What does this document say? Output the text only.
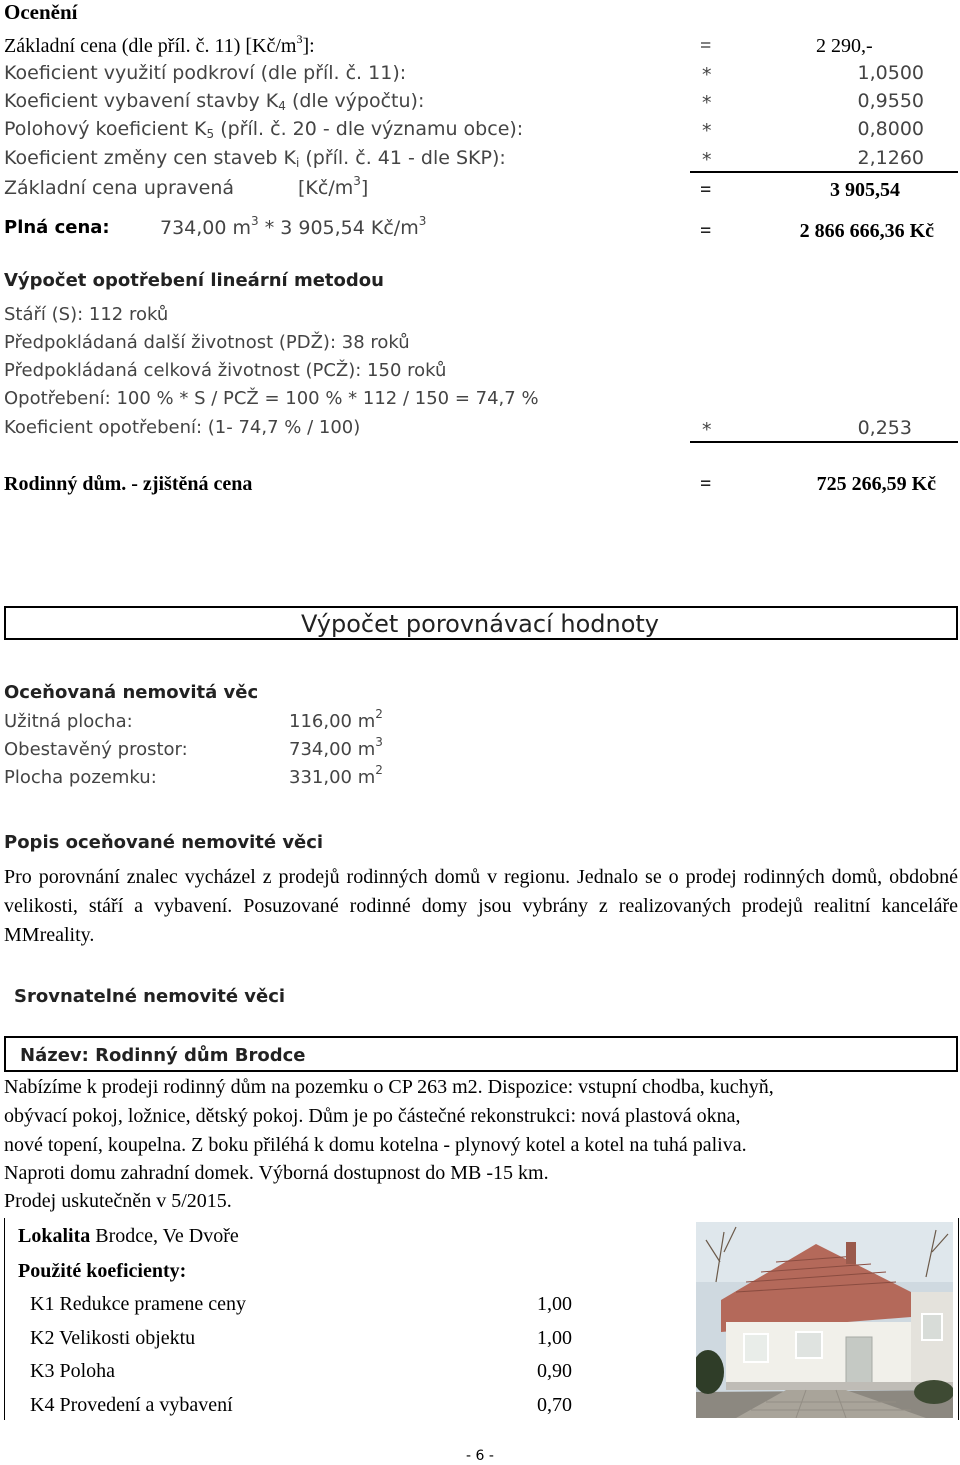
Ocenění
Základní cena (dle příl. č. 11) $[Kč/m^3]$:	=	2 290,-
Koeficient využití podkroví (dle příl. č. 11):	*	1,0500
Koeficient vybavení stavby $K_4$ (dle výpočtu):	*	0,9550
Polohový koeficient $K_5$ (příl. č. 20 - dle významu obce):	*	0,8000
Koeficient změny cen staveb $K_i$ (příl. č. 41 - dle SKP):	*	2,1260
Základní cena upravená	$[Kč/m^3]$	=	3 905,54
Plná cena:	734,00 $m^3 * 3$ 905,54 $Kč/m^3$	=	2 866 666,36 Kč
Výpočet opotřebení lineární metodou
Stáří (S): 112 roků
Předpokládaná další životnost (PDŽ): 38 roků
Předpokládaná celková životnost (PCŽ): 150 roků
Opotřebení: 100 % * S / PCŽ = 100 % * 112 / 150 = 74,7 %
Koeficient opotřebení: (1- 74,7 % / 100)	*	0,253
Rodinný dům. - zjištěná cena	=	725 266,59 Kč
Výpočet porovnávací hodnoty
Oceňovaná nemovitá věc
Užitná plocha:	116,00 $m^2$
Obestavěný prostor:	734,00 $m^3$
Plocha pozemku:	331,00 $m^2$
Popis oceňované nemovité věci
Pro porovnání znalec vycházel z prodejů rodinných domů v regionu. Jednalo se o prodej rodinných domů, obdobné velikosti, stáří a vybavení. Posuzované rodinné domy jsou vybrány z realizovaných prodejů realitní kanceláře MMreality.
Srovnatelné nemovité věci
Název: Rodinný dům Brodce
Nabízíme k prodeji rodinný dům na pozemku o CP 263 m2. Dispozice: vstupní chodba, kuchyň,
obývací pokoj, ložnice, dětský pokoj. Dům je po částečné rekonstrukci: nová plastová okna,
nové topení, koupelna. Z boku přiléhá k domu kotelna - plynový kotel a kotel na tuhá paliva.
Naproti domu zahradní domek. Výborná dostupnost do MB -15 km.
Prodej uskutečněn v 5/2015.
Lokalita Brodce, Ve Dvoře
Použité koeficienty:
K1 Redukce pramene ceny	1,00
K2 Velikosti objektu	1,00
K3 Poloha	0,90
K4 Provedení a vybavení	0,70
- 6 -
